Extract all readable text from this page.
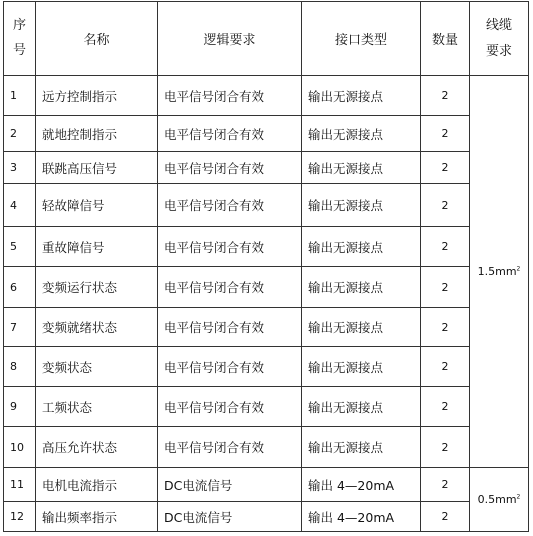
序
号	名称	逻辑要求	接口类型	数量	线缆
要求
1	远方控制指示	电平信号闭合有效	输出无源接点	2	$1.5mm^2$
2	就地控制指示	电平信号闭合有效	输出无源接点	2	
3	联跳高压信号	电平信号闭合有效	输出无源接点	2	
4	轻故障信号	电平信号闭合有效	输出无源接点	2	
5	重故障信号	电平信号闭合有效	输出无源接点	2	
6	变频运行状态	电平信号闭合有效	输出无源接点	2	
7	变频就绪状态	电平信号闭合有效	输出无源接点	2	
8	变频状态	电平信号闭合有效	输出无源接点	2	
9	工频状态	电平信号闭合有效	输出无源接点	2	
10	高压允许状态	电平信号闭合有效	输出无源接点	2	
11	电机电流指示	DC电流信号	输出 4—20mA	2	$0.5mm^2$
12	输出频率指示	DC电流信号	输出 4—20mA	2	
